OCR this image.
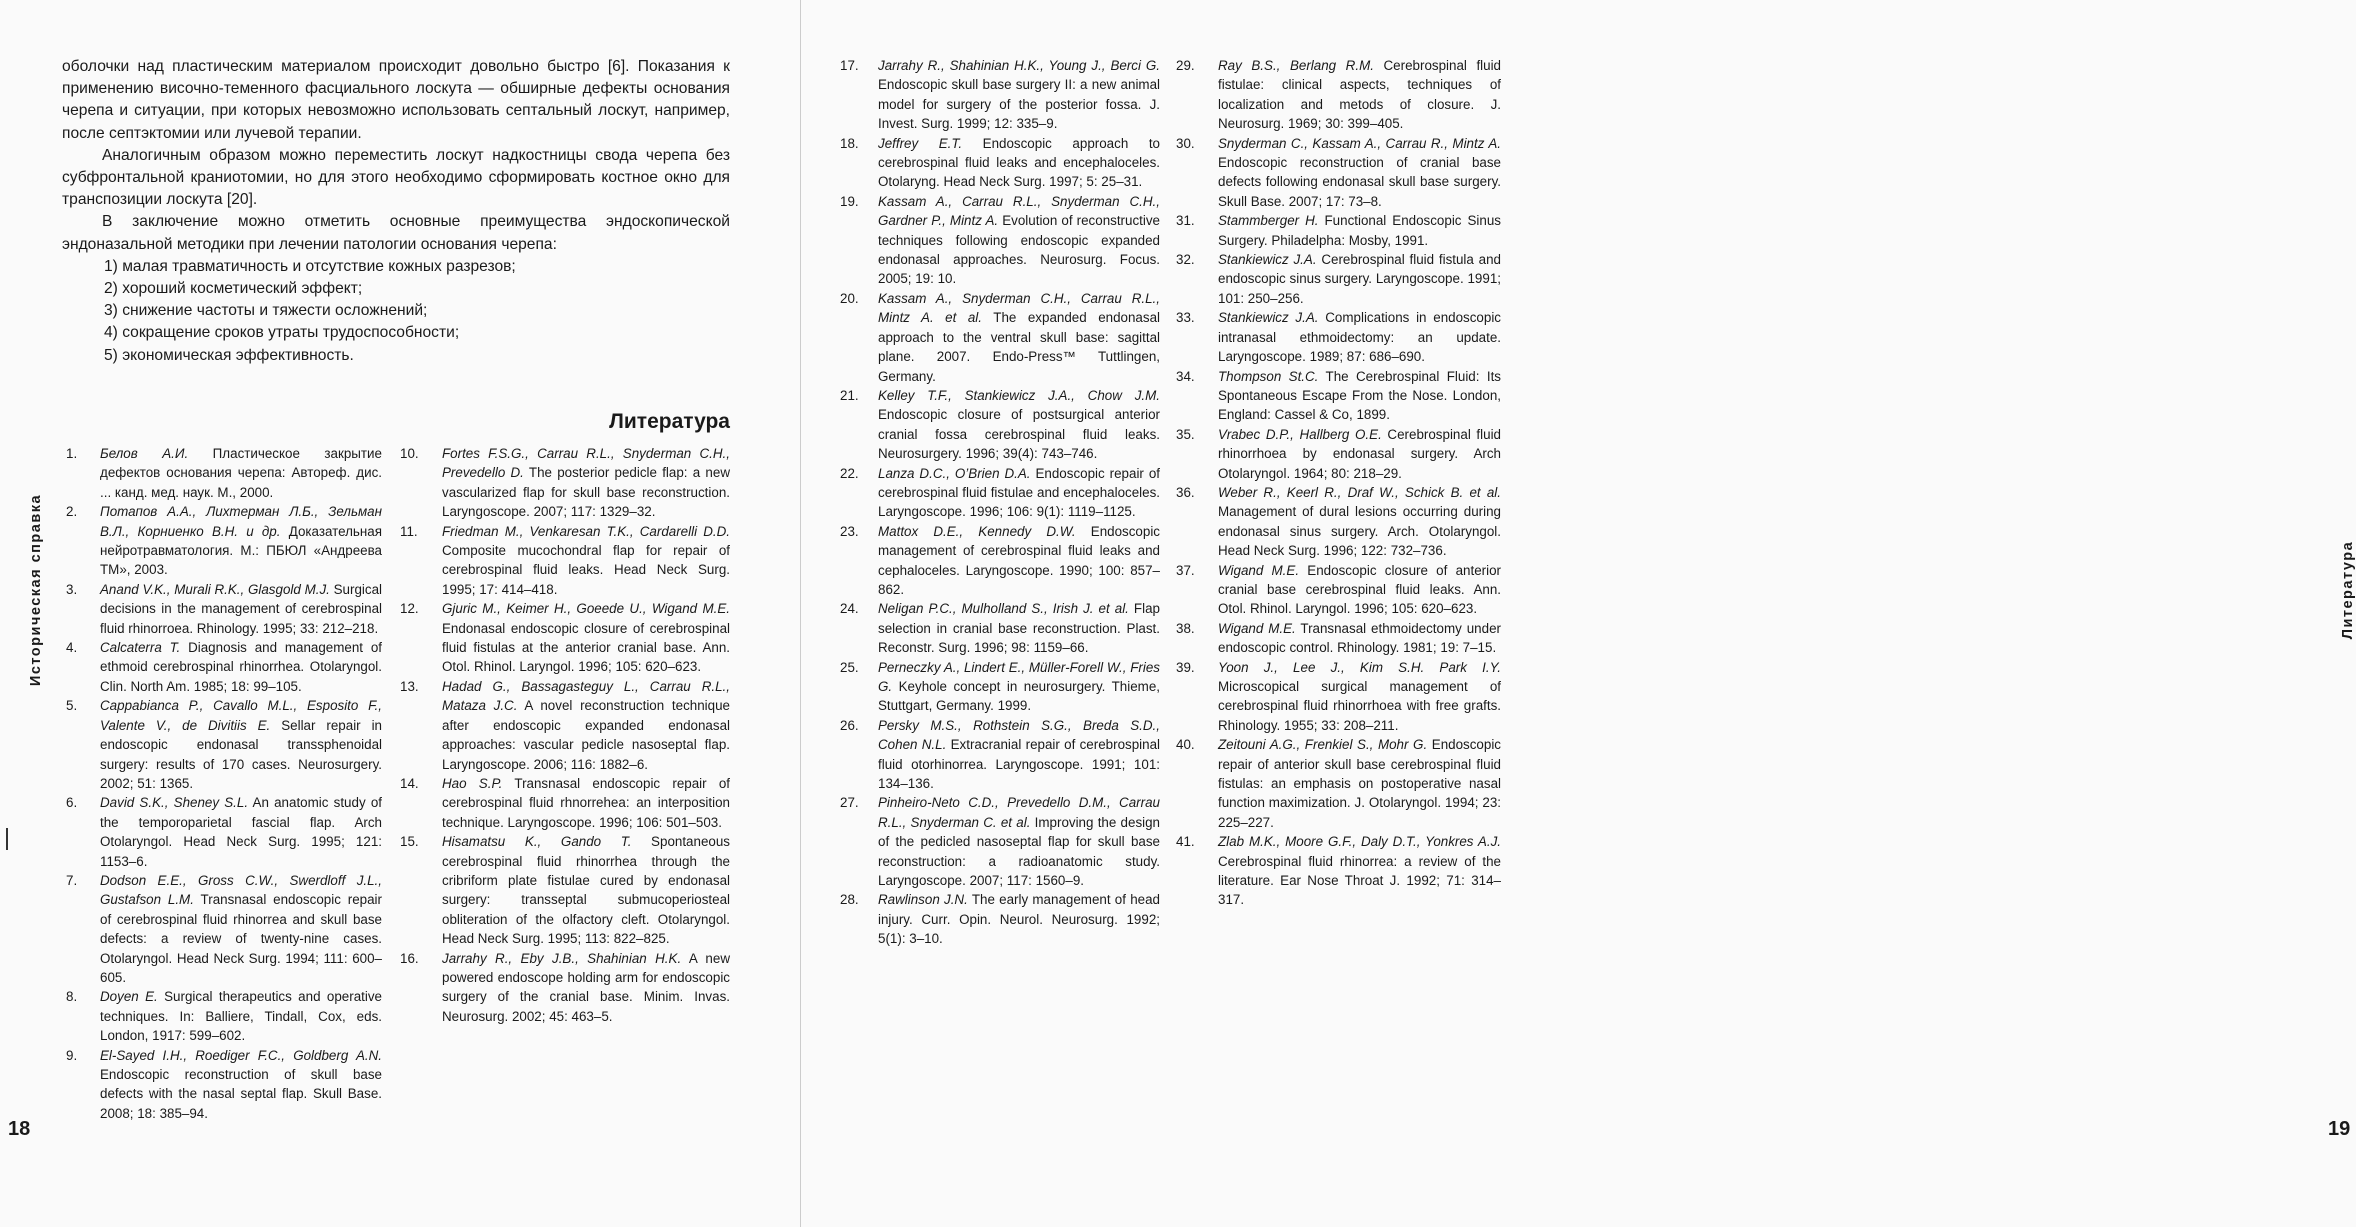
оболочки над пластическим материалом происходит довольно быстро [6]. Показания к применению височно-теменного фасциального лоскута — обширные дефекты основания черепа и ситуации, при которых невозможно использовать септальный лоскут, например, после септэктомии или лучевой терапии.

Аналогичным образом можно переместить лоскут надкостницы свода черепа без субфронтальной краниотомии, но для этого необходимо сформировать костное окно для транспозиции лоскута [20].

В заключение можно отметить основные преимущества эндоскопической эндоназальной методики при лечении патологии основания черепа:

1) малая травматичность и отсутствие кожных разрезов;
2) хороший косметический эффект;
3) снижение частоты и тяжести осложнений;
4) сокращение сроков утраты трудоспособности;
5) экономическая эффективность.
Литература
1.	Белов А.И. Пластическое закрытие дефектов основания черепа: Автореф. дис. ... канд. мед. наук. М., 2000.
2.	Потапов А.А., Лихтерман Л.Б., Зельман В.Л., Корниенко В.Н. и др. Доказательная нейротравматология. М.: ПБЮЛ «Андреева ТМ», 2003.
3.	Anand V.K., Murali R.K., Glasgold M.J. Surgical decisions in the management of cerebrospinal fluid rhinorroea. Rhinology. 1995; 33: 212–218.
4.	Calcaterra T. Diagnosis and management of ethmoid cerebrospinal rhinorrhea. Otolaryngol. Clin. North Am. 1985; 18: 99–105.
5.	Cappabianca P., Cavallo M.L., Esposito F., Valente V., de Divitiis E. Sellar repair in endoscopic endonasal transsphenoidal surgery: results of 170 cases. Neurosurgery. 2002; 51: 1365.
6.	David S.K., Sheney S.L. An anatomic study of the temporoparietal fascial flap. Arch Otolaryngol. Head Neck Surg. 1995; 121: 1153–6.
7.	Dodson E.E., Gross C.W., Swerdloff J.L., Gustafson L.M. Transnasal endoscopic repair of cerebrospinal fluid rhinorrea and skull base defects: a review of twenty-nine cases. Otolaryngol. Head Neck Surg. 1994; 111: 600–605.
8.	Doyen E. Surgical therapeutics and operative techniques. In: Balliere, Tindall, Cox, eds. London, 1917: 599–602.
9.	El-Sayed I.H., Roediger F.C., Goldberg A.N. Endoscopic reconstruction of skull base defects with the nasal septal flap. Skull Base. 2008; 18: 385–94.
10.	Fortes F.S.G., Carrau R.L., Snyderman C.H., Prevedello D. The posterior pedicle flap: a new vascularized flap for skull base reconstruction. Laryngoscope. 2007; 117: 1329–32.
11.	Friedman M., Venkaresan T.K., Cardarelli D.D. Composite mucochondral flap for repair of cerebrospinal fluid leaks. Head Neck Surg. 1995; 17: 414–418.
12.	Gjuric M., Keimer H., Goeede U., Wigand M.E. Endonasal endoscopic closure of cerebrospinal fluid fistulas at the anterior cranial base. Ann. Otol. Rhinol. Laryngol. 1996; 105: 620–623.
13.	Hadad G., Bassagasteguy L., Carrau R.L., Mataza J.C. A novel reconstruction technique after endoscopic expanded endonasal approaches: vascular pedicle nasoseptal flap. Laryngoscope. 2006; 116: 1882–6.
14.	Hao S.P. Transnasal endoscopic repair of cerebrospinal fluid rhnorrehea: an interposition technique. Laryngoscope. 1996; 106: 501–503.
15.	Hisamatsu K., Gando T. Spontaneous cerebrospinal fluid rhinorrhea through the cribriform plate fistulae cured by endonasal surgery: transseptal submucoperiosteal obliteration of the olfactory cleft. Otolaryngol. Head Neck Surg. 1995; 113: 822–825.
16.	Jarrahy R., Eby J.B., Shahinian H.K. A new powered endoscope holding arm for endoscopic surgery of the cranial base. Minim. Invas. Neurosurg. 2002; 45: 463–5.
Историческая справка
18
Литература
19
17.	Jarrahy R., Shahinian H.K., Young J., Berci G. Endoscopic skull base surgery II: a new animal model for surgery of the posterior fossa. J. Invest. Surg. 1999; 12: 335–9.
18.	Jeffrey E.T. Endoscopic approach to cerebrospinal fluid leaks and encephaloceles. Otolaryng. Head Neck Surg. 1997; 5: 25–31.
19.	Kassam A., Carrau R.L., Snyderman C.H., Gardner P., Mintz A. Evolution of reconstructive techniques following endoscopic expanded endonasal approaches. Neurosurg. Focus. 2005; 19: 10.
20.	Kassam A., Snyderman C.H., Carrau R.L., Mintz A. et al. The expanded endonasal approach to the ventral skull base: sagittal plane. 2007. Endo-Press™ Tuttlingen, Germany.
21.	Kelley T.F., Stankiewicz J.A., Chow J.M. Endoscopic closure of postsurgical anterior cranial fossa cerebrospinal fluid leaks. Neurosurgery. 1996; 39(4): 743–746.
22.	Lanza D.C., O’Brien D.A. Endoscopic repair of cerebrospinal fluid fistulae and encephaloceles. Laryngoscope. 1996; 106: 9(1): 1119–1125.
23.	Mattox D.E., Kennedy D.W. Endoscopic management of cerebrospinal fluid leaks and cephaloceles. Laryngoscope. 1990; 100: 857–862.
24.	Neligan P.C., Mulholland S., Irish J. et al. Flap selection in cranial base reconstruction. Plast. Reconstr. Surg. 1996; 98: 1159–66.
25.	Perneczky A., Lindert E., Müller-Forell W., Fries G. Keyhole concept in neurosurgery. Thieme, Stuttgart, Germany. 1999.
26.	Persky M.S., Rothstein S.G., Breda S.D., Cohen N.L. Extracranial repair of cerebrospinal fluid otorhinorrea. Laryngoscope. 1991; 101: 134–136.
27.	Pinheiro-Neto C.D., Prevedello D.M., Carrau R.L., Snyderman C. et al. Improving the design of the pedicled nasoseptal flap for skull base reconstruction: a radioanatomic study. Laryngoscope. 2007; 117: 1560–9.
28.	Rawlinson J.N. The early management of head injury. Curr. Opin. Neurol. Neurosurg. 1992; 5(1): 3–10.
29.	Ray B.S., Berlang R.M. Cerebrospinal fluid fistulae: clinical aspects, techniques of localization and metods of closure. J. Neurosurg. 1969; 30: 399–405.
30.	Snyderman C., Kassam A., Carrau R., Mintz A. Endoscopic reconstruction of cranial base defects following endonasal skull base surgery. Skull Base. 2007; 17: 73–8.
31.	Stammberger H. Functional Endoscopic Sinus Surgery. Philadelpha: Mosby, 1991.
32.	Stankiewicz J.A. Cerebrospinal fluid fistula and endoscopic sinus surgery. Laryngoscope. 1991; 101: 250–256.
33.	Stankiewicz J.A. Complications in endoscopic intranasal ethmoidectomy: an update. Laryngoscope. 1989; 87: 686–690.
34.	Thompson St.C. The Cerebrospinal Fluid: Its Spontaneous Escape From the Nose. London, England: Cassel & Co, 1899.
35.	Vrabec D.P., Hallberg O.E. Cerebrospinal fluid rhinorrhoea by endonasal surgery. Arch Otolaryngol. 1964; 80: 218–29.
36.	Weber R., Keerl R., Draf W., Schick B. et al. Management of dural lesions occurring during endonasal sinus surgery. Arch. Otolaryngol. Head Neck Surg. 1996; 122: 732–736.
37.	Wigand M.E. Endoscopic closure of anterior cranial base cerebrospinal fluid leaks. Ann. Otol. Rhinol. Laryngol. 1996; 105: 620–623.
38.	Wigand M.E. Transnasal ethmoidectomy under endoscopic control. Rhinology. 1981; 19: 7–15.
39.	Yoon J., Lee J., Kim S.H. Park I.Y. Microscopical surgical management of cerebrospinal fluid rhinorrhoea with free grafts. Rhinology. 1955; 33: 208–211.
40.	Zeitouni A.G., Frenkiel S., Mohr G. Endoscopic repair of anterior skull base cerebrospinal fluid fistulas: an emphasis on postoperative nasal function maximization. J. Otolaryngol. 1994; 23: 225–227.
41.	Zlab M.K., Moore G.F., Daly D.T., Yonkres A.J. Cerebrospinal fluid rhinorrea: a review of the literature. Ear Nose Throat J. 1992; 71: 314–317.
